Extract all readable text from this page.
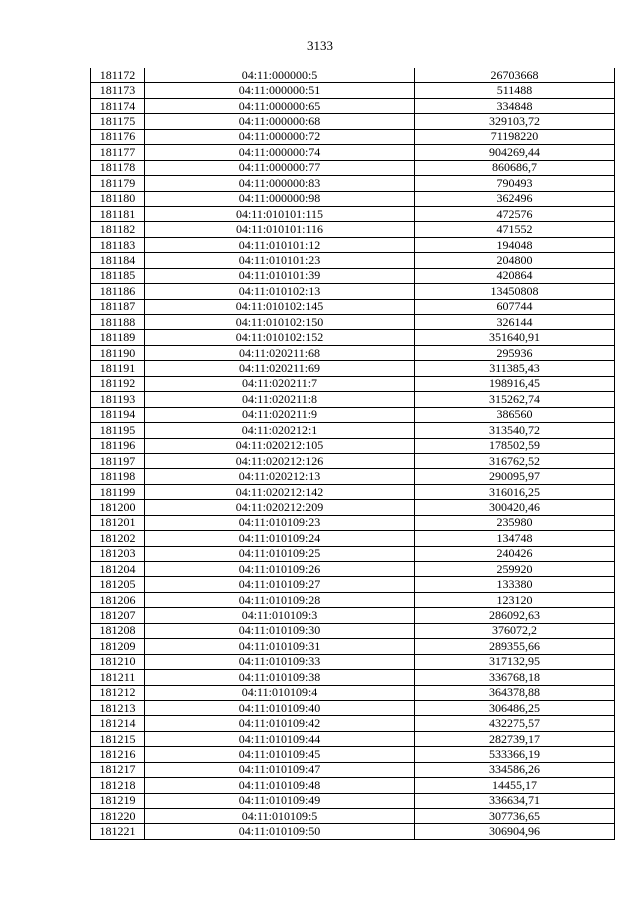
3133
181172	04:11:000000:5	26703668
181173	04:11:000000:51	511488
181174	04:11:000000:65	334848
181175	04:11:000000:68	329103,72
181176	04:11:000000:72	71198220
181177	04:11:000000:74	904269,44
181178	04:11:000000:77	860686,7
181179	04:11:000000:83	790493
181180	04:11:000000:98	362496
181181	04:11:010101:115	472576
181182	04:11:010101:116	471552
181183	04:11:010101:12	194048
181184	04:11:010101:23	204800
181185	04:11:010101:39	420864
181186	04:11:010102:13	13450808
181187	04:11:010102:145	607744
181188	04:11:010102:150	326144
181189	04:11:010102:152	351640,91
181190	04:11:020211:68	295936
181191	04:11:020211:69	311385,43
181192	04:11:020211:7	198916,45
181193	04:11:020211:8	315262,74
181194	04:11:020211:9	386560
181195	04:11:020212:1	313540,72
181196	04:11:020212:105	178502,59
181197	04:11:020212:126	316762,52
181198	04:11:020212:13	290095,97
181199	04:11:020212:142	316016,25
181200	04:11:020212:209	300420,46
181201	04:11:010109:23	235980
181202	04:11:010109:24	134748
181203	04:11:010109:25	240426
181204	04:11:010109:26	259920
181205	04:11:010109:27	133380
181206	04:11:010109:28	123120
181207	04:11:010109:3	286092,63
181208	04:11:010109:30	376072,2
181209	04:11:010109:31	289355,66
181210	04:11:010109:33	317132,95
181211	04:11:010109:38	336768,18
181212	04:11:010109:4	364378,88
181213	04:11:010109:40	306486,25
181214	04:11:010109:42	432275,57
181215	04:11:010109:44	282739,17
181216	04:11:010109:45	533366,19
181217	04:11:010109:47	334586,26
181218	04:11:010109:48	14455,17
181219	04:11:010109:49	336634,71
181220	04:11:010109:5	307736,65
181221	04:11:010109:50	306904,96
